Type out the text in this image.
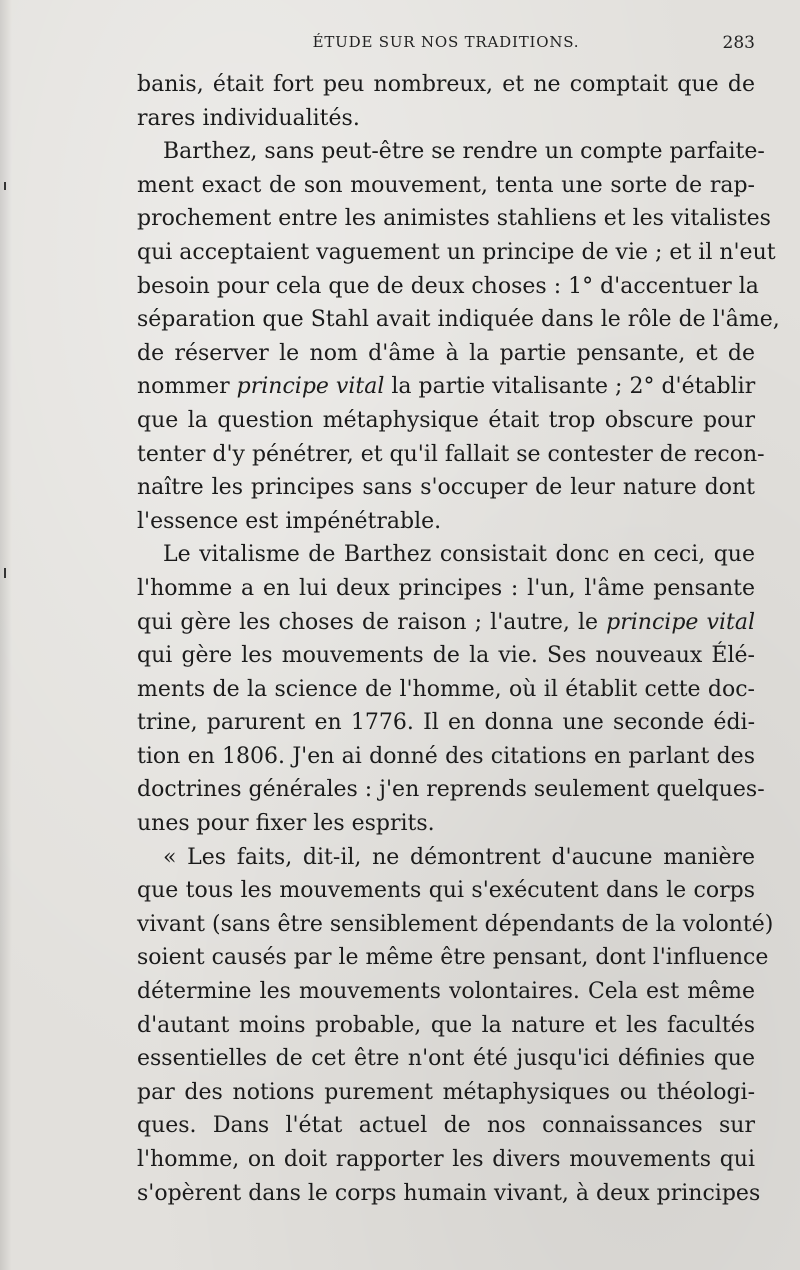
ÉTUDE SUR NOS TRADITIONS.	283
banis, était fort peu nombreux, et ne comptait que de
rares individualités.
Barthez, sans peut-être se rendre un compte parfaite-
ment exact de son mouvement, tenta une sorte de rap-
prochement entre les animistes stahliens et les vitalistes
qui acceptaient vaguement un principe de vie ; et il n'eut
besoin pour cela que de deux choses : 1° d'accentuer la
séparation que Stahl avait indiquée dans le rôle de l'âme,
de réserver le nom d'âme à la partie pensante, et de
nommer principe vital la partie vitalisante ; 2° d'établir
que la question métaphysique était trop obscure pour
tenter d'y pénétrer, et qu'il fallait se contester de recon-
naître les principes sans s'occuper de leur nature dont
l'essence est impénétrable.
Le vitalisme de Barthez consistait donc en ceci, que
l'homme a en lui deux principes : l'un, l'âme pensante
qui gère les choses de raison ; l'autre, le principe vital
qui gère les mouvements de la vie. Ses nouveaux Élé-
ments de la science de l'homme, où il établit cette doc-
trine, parurent en 1776. Il en donna une seconde édi-
tion en 1806. J'en ai donné des citations en parlant des
doctrines générales : j'en reprends seulement quelques-
unes pour fixer les esprits.
« Les faits, dit-il, ne démontrent d'aucune manière
que tous les mouvements qui s'exécutent dans le corps
vivant (sans être sensiblement dépendants de la volonté)
soient causés par le même être pensant, dont l'influence
détermine les mouvements volontaires. Cela est même
d'autant moins probable, que la nature et les facultés
essentielles de cet être n'ont été jusqu'ici définies que
par des notions purement métaphysiques ou théologi-
ques. Dans l'état actuel de nos connaissances sur
l'homme, on doit rapporter les divers mouvements qui
s'opèrent dans le corps humain vivant, à deux principes
